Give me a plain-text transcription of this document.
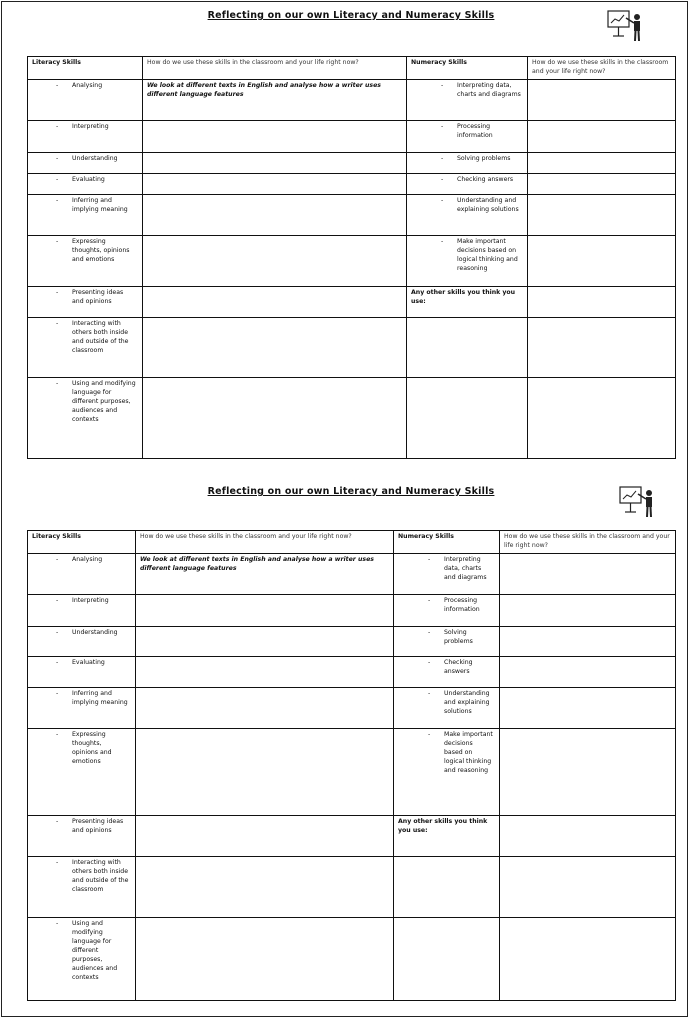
Reflecting on our own Literacy and Numeracy Skills
Literacy Skills	How do we use these skills in the classroom and your life right now?	Numeracy Skills	How do we use these skills in the classroom and your life right now?

- Analysing	We look at different texts in English and analyse how a writer uses different language features	- Interpreting data, charts and diagrams	

- Interpreting		- Processing information	

- Understanding		- Solving problems	

- Evaluating		- Checking answers	

- Inferring and implying meaning		- Understanding and explaining solutions	

- Expressing thoughts, opinions and emotions		- Make important decisions based on logical thinking and reasoning	

- Presenting ideas and opinions		Any other skills you think you use:	

- Interacting with others both inside and outside of the classroom			

- Using and modifying language for different purposes, audiences and contexts			

Reflecting on our own Literacy and Numeracy Skills
Literacy Skills	How do we use these skills in the classroom and your life right now?	Numeracy Skills	How do we use these skills in the classroom and your life right now?

- Analysing	We look at different texts in English and analyse how a writer uses different language features	- Interpreting data, charts and diagrams	

- Interpreting		- Processing information	

- Understanding		- Solving problems	

- Evaluating		- Checking answers	

- Inferring and implying meaning		- Understanding and explaining solutions	

- Expressing thoughts, opinions and emotions		- Make important decisions based on logical thinking and reasoning	

- Presenting ideas and opinions		Any other skills you think you use:	

- Interacting with others both inside and outside of the classroom			

- Using and modifying language for different purposes, audiences and contexts			
